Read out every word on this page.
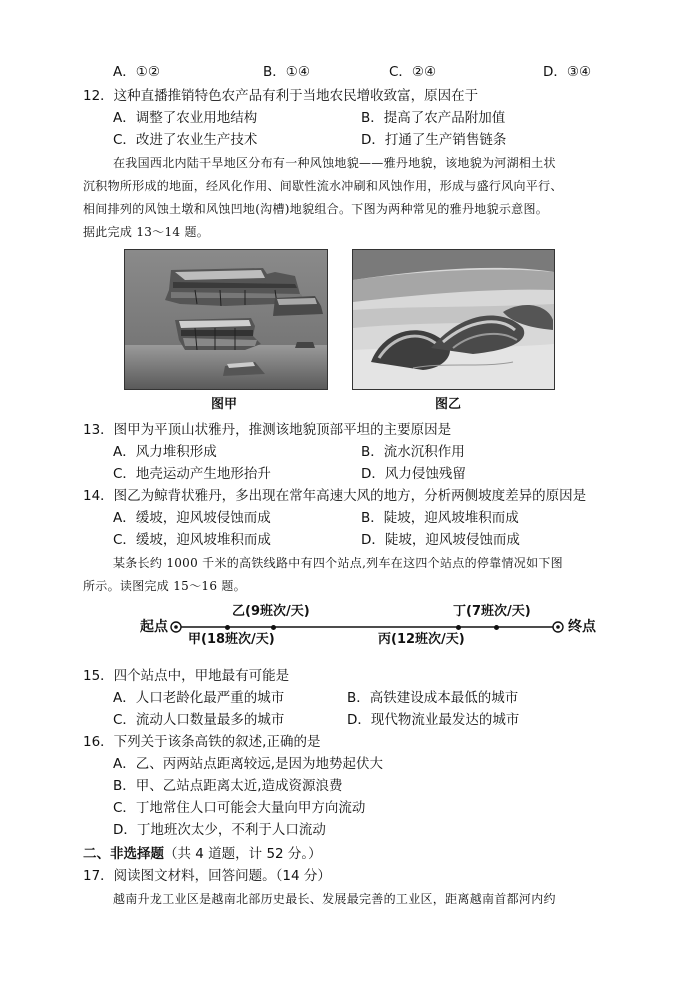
A．①②	B．①④	C．②④	D．③④
12．这种直播推销特色农产品有利于当地农民增收致富，原因在于
A．调整了农业用地结构	B．提高了农产品附加值
C．改进了农业生产技术	D．打通了生产销售链条
在我国西北内陆干旱地区分布有一种风蚀地貌——雅丹地貌，该地貌为河湖相土状
沉积物所形成的地面，经风化作用、间歇性流水冲刷和风蚀作用，形成与盛行风向平行、
相间排列的风蚀土墩和风蚀凹地(沟槽)地貌组合。下图为两种常见的雅丹地貌示意图。
据此完成 13～14 题。
图甲	图乙
13．图甲为平顶山状雅丹，推测该地貌顶部平坦的主要原因是
A．风力堆积形成	B．流水沉积作用
C．地壳运动产生地形抬升	D．风力侵蚀残留
14．图乙为鲸背状雅丹，多出现在常年高速大风的地方，分析两侧坡度差异的原因是
A．缓坡，迎风坡侵蚀而成	B．陡坡，迎风坡堆积而成
C．缓坡，迎风坡堆积而成	D．陡坡，迎风坡侵蚀而成
某条长约 1000 千米的高铁线路中有四个站点,列车在这四个站点的停靠情况如下图
所示。读图完成 15～16 题。
起点	终点
乙(9班次/天)	丁(7班次/天)
甲(18班次/天)	丙(12班次/天)
15．四个站点中，甲地最有可能是
A．人口老龄化最严重的城市	B．高铁建设成本最低的城市
C．流动人口数量最多的城市	D．现代物流业最发达的城市
16．下列关于该条高铁的叙述,正确的是
A．乙、丙两站点距离较远,是因为地势起伏大
B．甲、乙站点距离太近,造成资源浪费
C．丁地常住人口可能会大量向甲方向流动
D．丁地班次太少，不利于人口流动
二、非选择题（共 4 道题，计 52 分。）
17．阅读图文材料，回答问题。（14 分）
越南升龙工业区是越南北部历史最长、发展最完善的工业区，距离越南首都河内约
